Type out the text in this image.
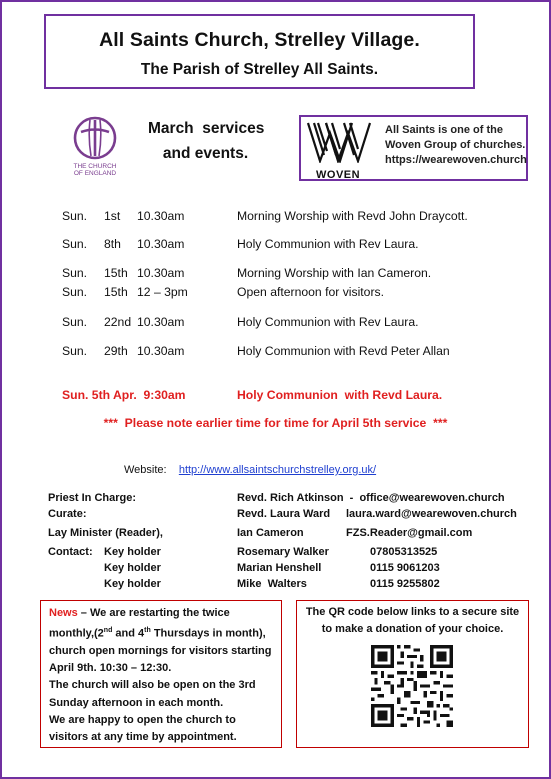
All Saints Church, Strelley Village.
The Parish of Strelley All Saints.
THE CHURCH
OF ENGLAND
March  services
and events.
WOVEN
All Saints is one of the
Woven Group of churches.
https://wearewoven.church
Sun. 1st 10.30am	Morning Worship with Revd John Draycott.
Sun. 8th 10.30am	Holy Communion with Rev Laura.
Sun. 15th 10.30am	Morning Worship with Ian Cameron.
Sun. 15th 12 – 3pm	Open afternoon for visitors.
Sun. 22nd 10.30am	Holy Communion with Rev Laura.
Sun. 29th 10.30am	Holy Communion with Revd Peter Allan
Sun. 5th Apr.  9:30am	Holy Communion  with Revd Laura.
***  Please note earlier time for time for April 5th service  ***
Website: http://www.allsaintschurchstrelley.org.uk/
Priest In Charge:	Revd. Rich Atkinson  -  office@wearewoven.church
Curate:	Revd. Laura Ward laura.ward@wearewoven.church
Lay Minister (Reader),	Ian Cameron	FZS.Reader@gmail.com
Contact: Key holder	Rosemary Walker	07805313525
Key holder	Marian Henshell	0115 9061203
Key holder	Mike  Walters	0115 9255802
News – We are restarting the twice monthly,(2nd and 4th Thursdays in month), church open mornings for visitors starting April 9th. 10:30 – 12:30.
The church will also be open on the 3rd Sunday afternoon in each month.
We are happy to open the church to visitors at any time by appointment.
The QR code below links to a secure site to make a donation of your choice.
